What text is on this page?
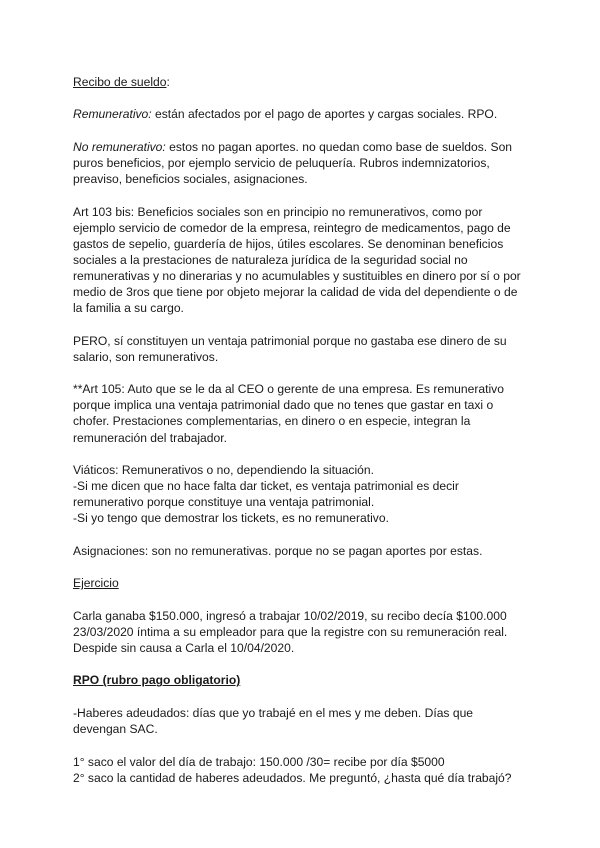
Recibo de sueldo:

Remunerativo: están afectados por el pago de aportes y cargas sociales. RPO.

No remunerativo: estos no pagan aportes. no quedan como base de sueldos. Son
puros beneficios, por ejemplo servicio de peluquería. Rubros indemnizatorios,
preaviso, beneficios sociales, asignaciones.

Art 103 bis: Beneficios sociales son en principio no remunerativos, como por
ejemplo servicio de comedor de la empresa, reintegro de medicamentos, pago de
gastos de sepelio, guardería de hijos, útiles escolares. Se denominan beneficios
sociales a la prestaciones de naturaleza jurídica de la seguridad social no
remunerativas y no dinerarias y no acumulables y sustituibles en dinero por sí o por
medio de 3ros que tiene por objeto mejorar la calidad de vida del dependiente o de
la familia a su cargo.

PERO, sí constituyen un ventaja patrimonial porque no gastaba ese dinero de su
salario, son remunerativos.

**Art 105: Auto que se le da al CEO o gerente de una empresa. Es remunerativo
porque implica una ventaja patrimonial dado que no tenes que gastar en taxi o
chofer. Prestaciones complementarias, en dinero o en especie, integran la
remuneración del trabajador.

Viáticos: Remunerativos o no, dependiendo la situación.
-Si me dicen que no hace falta dar ticket, es ventaja patrimonial es decir
remunerativo porque constituye una ventaja patrimonial.
-Si yo tengo que demostrar los tickets, es no remunerativo.

Asignaciones: son no remunerativas. porque no se pagan aportes por estas.

Ejercicio

Carla ganaba $150.000, ingresó a trabajar 10/02/2019, su recibo decía $100.000
23/03/2020 íntima a su empleador para que la registre con su remuneración real.
Despide sin causa a Carla el 10/04/2020.

RPO (rubro pago obligatorio)

-Haberes adeudados: días que yo trabajé en el mes y me deben. Días que
devengan SAC.

1° saco el valor del día de trabajo: 150.000 /30= recibe por día $5000
2° saco la cantidad de haberes adeudados. Me preguntó, ¿hasta qué día trabajó?
